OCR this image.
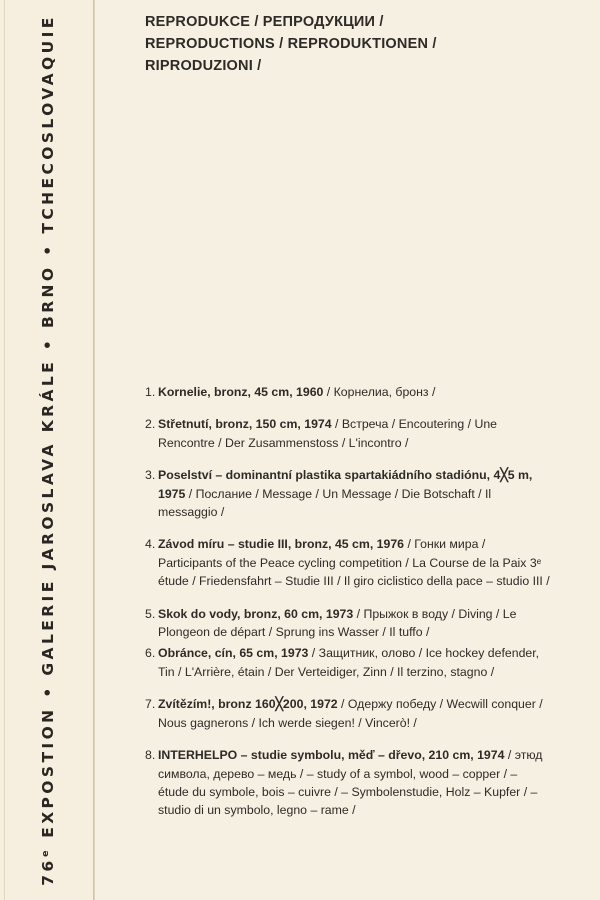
76ᵉ EXPOSTION • GALERIE JAROSLAVA KRÁLE • BRNO • TCHECOSLOVAQUIE	REPRODUKCE / РЕПРОДУКЦИИ /
REPRODUCTIONS / REPRODUKTIONEN /
RIPRODUZIONI /
1. Kornelie, bronz, 45 cm, 1960 / Корнелиа, бронз /
2. Střetnutí, bronz, 150 cm, 1974 / Встреча / Encoutering / Une Rencontre / Der Zusammenstoss / L'incontro /
3. Poselství – dominantní plastika spartakiádního stadiónu, 4╳5 m, 1975 / Послание / Message / Un Message / Die Botschaft / Il messaggio /
4. Závod míru – studie III, bronz, 45 cm, 1976 / Гонки мира / Participants of the Peace cycling competition / La Course de la Paix 3ᵉ étude / Friedensfahrt – Studie III / Il giro ciclistico della pace – studio III /
5. Skok do vody, bronz, 60 cm, 1973 / Прыжок в воду / Diving / Le Plongeon de départ / Sprung ins Wasser / Il tuffo /
6. Obránce, cín, 65 cm, 1973 / Защитник, олово / Ice hockey defender, Tin / L'Arrière, étain / Der Verteidiger, Zinn / Il terzino, stagno /
7. Zvítězím!, bronz 160╳200, 1972 / Одержу победу / Wecwill conquer / Nous gagnerons / Ich werde siegen! / Vincerò! /
8. INTERHELPO – studie symbolu, měď – dřevo, 210 cm, 1974 / этюд символа, дерево – медь / – study of a symbol, wood – copper / – étude du symbole, bois – cuivre / – Symbolenstudie, Holz – Kupfer / – studio di un symbolo, legno – rame /
